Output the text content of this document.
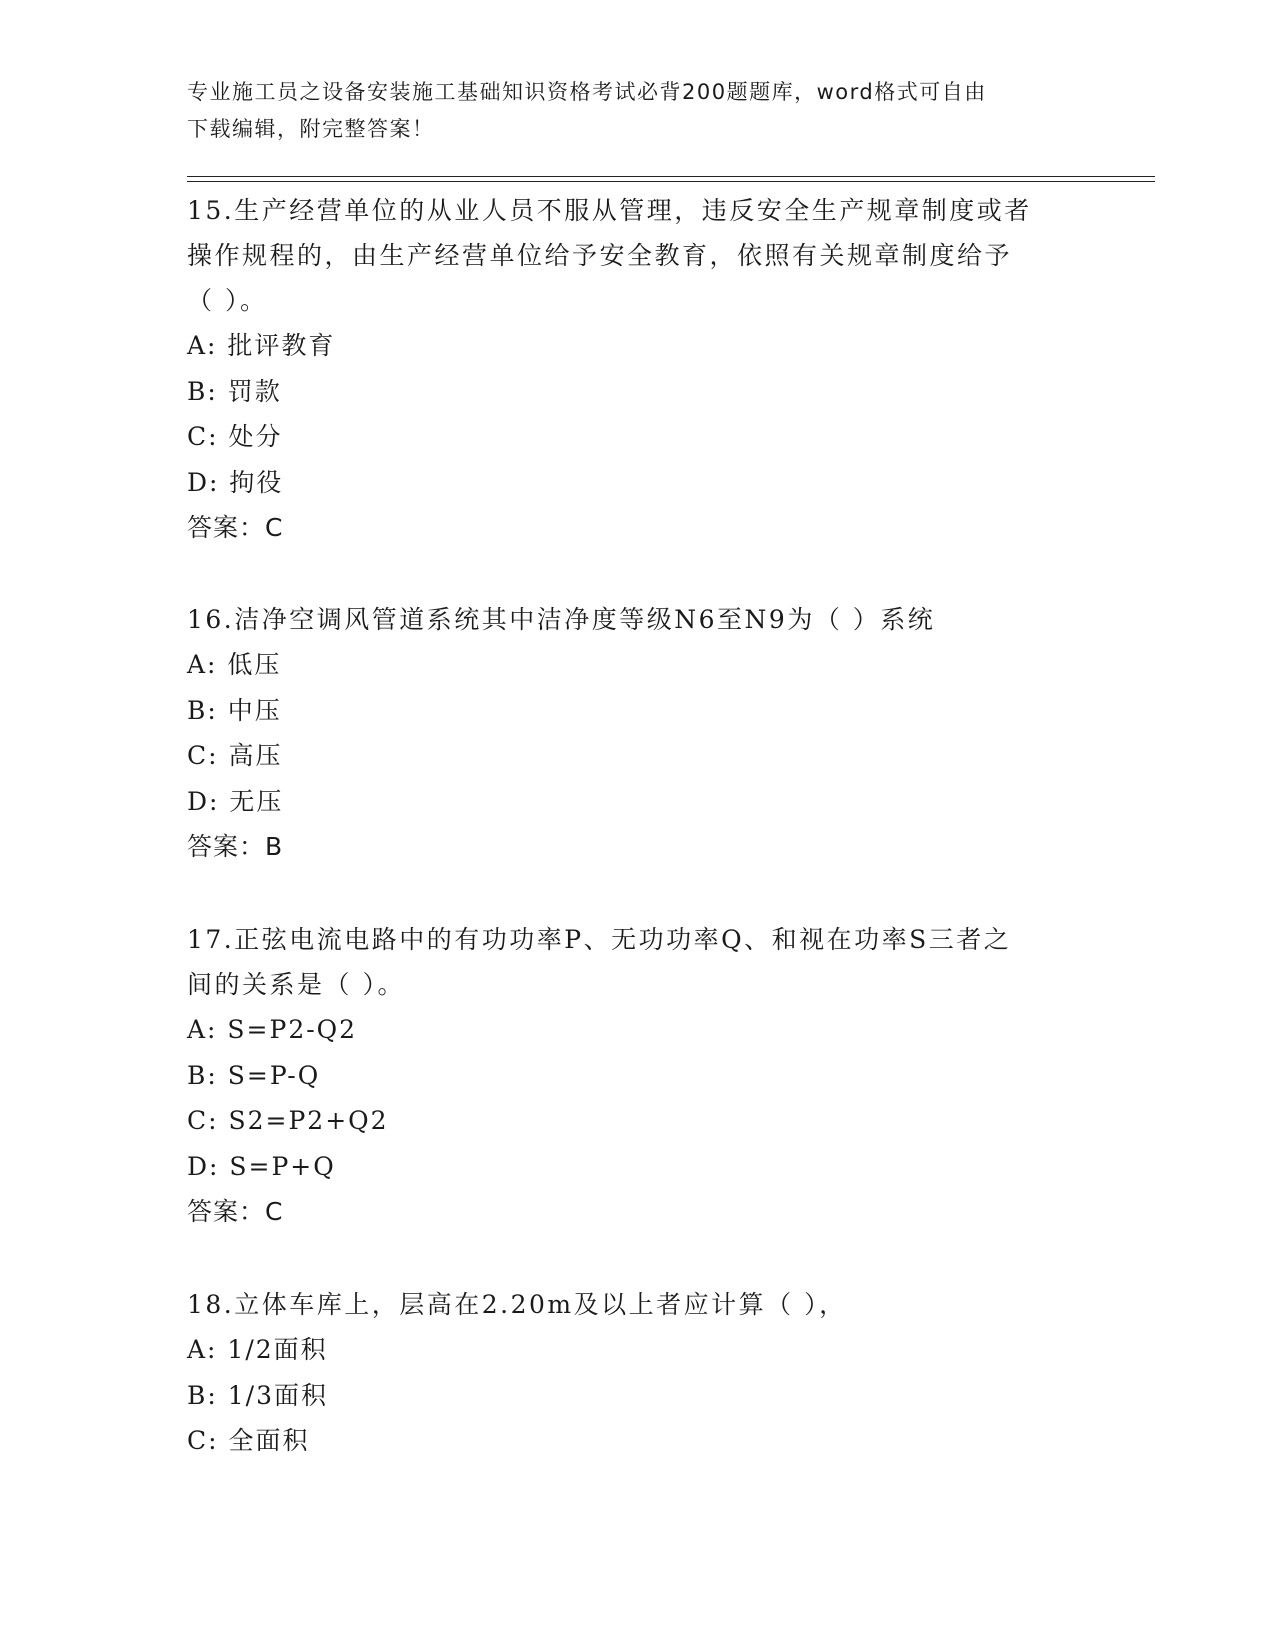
专业施工员之设备安装施工基础知识资格考试必背200题题库，word格式可自由
下载编辑，附完整答案！
15.生产经营单位的从业人员不服从管理，违反安全生产规章制度或者
操作规程的，由生产经营单位给予安全教育，依照有关规章制度给予
（ ）。
A: 批评教育
B: 罚款
C: 处分
D: 拘役
答案：C
16.洁净空调风管道系统其中洁净度等级N6至N9为（ ）系统
A: 低压
B: 中压
C: 高压
D: 无压
答案：B
17.正弦电流电路中的有功功率P、无功功率Q、和视在功率S三者之
间的关系是（ ）。
A: S=P2-Q2
B: S=P-Q
C: S2=P2+Q2
D: S=P+Q
答案：C
18.立体车库上，层高在2.20m及以上者应计算（ ），
A: 1/2面积
B: 1/3面积
C: 全面积
